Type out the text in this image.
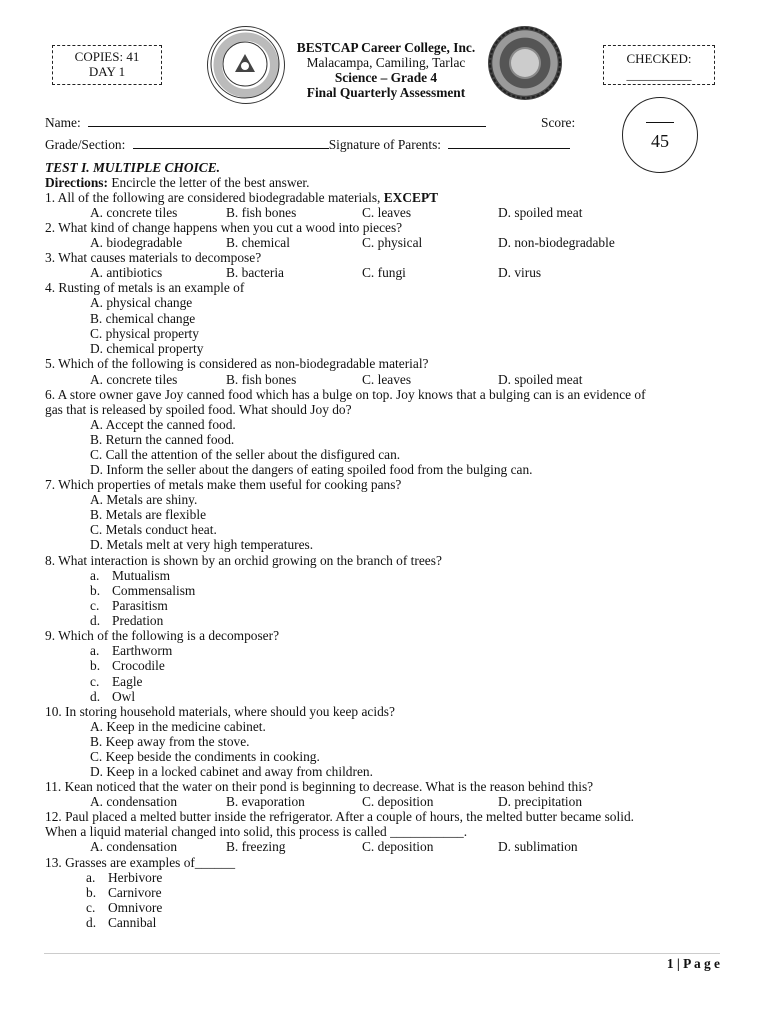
COPIES: 41
DAY 1
BESTCAP Career College, Inc.
Malacampa, Camiling, Tarlac
Science – Grade 4
Final Quarterly Assessment
CHECKED:
__________
45
Name:	Score:
Grade/Section:	Signature of Parents:
TEST I. MULTIPLE CHOICE.
Directions: Encircle the letter of the best answer.
1. All of the following are considered biodegradable materials, EXCEPT
A. concrete tiles	B. fish bones	C. leaves	D. spoiled meat
2. What kind of change happens when you cut a wood into pieces?
A. biodegradable	B. chemical	C. physical	D. non-biodegradable
3. What causes materials to decompose?
A. antibiotics	B. bacteria	C. fungi	D. virus
4. Rusting of metals is an example of
A. physical change
B. chemical change
C. physical property
D. chemical property
5. Which of the following is considered as non-biodegradable material?
A. concrete tiles	B. fish bones	C. leaves	D. spoiled meat
6. A store owner gave Joy canned food which has a bulge on top. Joy knows that a bulging can is an evidence of
gas that is released by spoiled food. What should Joy do?
A. Accept the canned food.
B. Return the canned food.
C. Call the attention of the seller about the disfigured can.
D. Inform the seller about the dangers of eating spoiled food from the bulging can.
7. Which properties of metals make them useful for cooking pans?
A. Metals are shiny.
B. Metals are flexible
C. Metals conduct heat.
D. Metals melt at very high temperatures.
8. What interaction is shown by an orchid growing on the branch of trees?
a. Mutualism
b. Commensalism
c. Parasitism
d. Predation
9. Which of the following is a decomposer?
a. Earthworm
b. Crocodile
c. Eagle
d. Owl
10. In storing household materials, where should you keep acids?
A. Keep in the medicine cabinet.
B. Keep away from the stove.
C. Keep beside the condiments in cooking.
D. Keep in a locked cabinet and away from children.
11. Kean noticed that the water on their pond is beginning to decrease. What is the reason behind this?
A. condensation	B. evaporation	C. deposition	D. precipitation
12. Paul placed a melted butter inside the refrigerator. After a couple of hours, the melted butter became solid.
When a liquid material changed into solid, this process is called ___________.
A. condensation	B. freezing	C. deposition	D. sublimation
13. Grasses are examples of______
a. Herbivore
b. Carnivore
c. Omnivore
d. Cannibal
1 | P a g e
